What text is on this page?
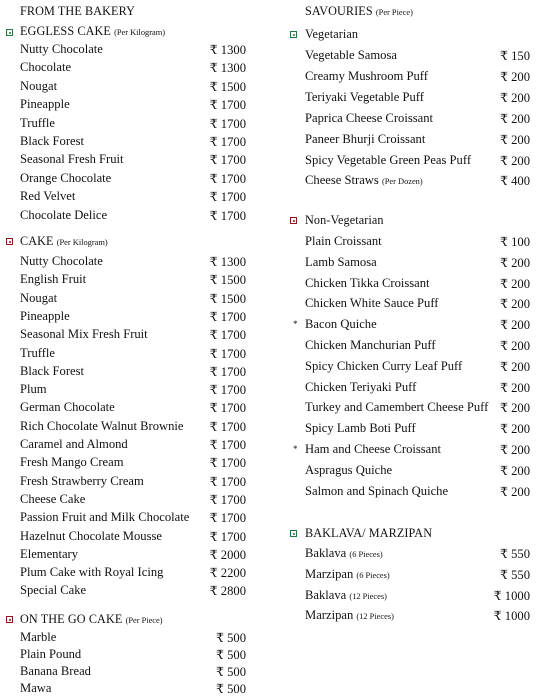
FROM THE BAKERY
EGGLESS CAKE (Per Kilogram)
Nutty Chocolate	₹ 1300
Chocolate	₹ 1300
Nougat	₹ 1500
Pineapple	₹ 1700
Truffle	₹ 1700
Black Forest	₹ 1700
Seasonal Fresh Fruit	₹ 1700
Orange Chocolate	₹ 1700
Red Velvet	₹ 1700
Chocolate Delice	₹ 1700
CAKE (Per Kilogram)
Nutty Chocolate	₹ 1300
English Fruit	₹ 1500
Nougat	₹ 1500
Pineapple	₹ 1700
Seasonal Mix Fresh Fruit	₹ 1700
Truffle	₹ 1700
Black Forest	₹ 1700
Plum	₹ 1700
German Chocolate	₹ 1700
Rich Chocolate Walnut Brownie ₹ 1700
Caramel and Almond	₹ 1700
Fresh Mango Cream	₹ 1700
Fresh Strawberry Cream	₹ 1700
Cheese Cake	₹ 1700
Passion Fruit and Milk Chocolate ₹ 1700
Hazelnut Chocolate Mousse	₹ 1700
Elementary	₹ 2000
Plum Cake with Royal Icing	₹ 2200
Special Cake	₹ 2800
ON THE GO CAKE (Per Piece)
Marble	₹ 500
Plain Pound	₹ 500
Banana Bread	₹ 500
Mawa	₹ 500
SAVOURIES (Per Piece)
Vegetarian
Vegetable Samosa	₹ 150
Creamy Mushroom Puff	₹ 200
Teriyaki Vegetable Puff	₹ 200
Paprica Cheese Croissant	₹ 200
Paneer Bhurji Croissant	₹ 200
Spicy Vegetable Green Peas Puff ₹ 200
Cheese Straws (Per Dozen)	₹ 400
Non-Vegetarian
Plain Croissant	₹ 100
Lamb Samosa	₹ 200
Chicken Tikka Croissant	₹ 200
Chicken White Sauce Puff	₹ 200
* Bacon Quiche	₹ 200
Chicken Manchurian Puff	₹ 200
Spicy Chicken Curry Leaf Puff	₹ 200
Chicken Teriyaki Puff	₹ 200
Turkey and Camembert Cheese Puff ₹ 200
Spicy Lamb Boti Puff	₹ 200
* Ham and Cheese Croissant	₹ 200
Aspragus Quiche	₹ 200
Salmon and Spinach Quiche	₹ 200
BAKLAVA/ MARZIPAN
Baklava (6 Pieces)	₹ 550
Marzipan (6 Pieces)	₹ 550
Baklava (12 Pieces)	₹ 1000
Marzipan (12 Pieces)	₹ 1000
